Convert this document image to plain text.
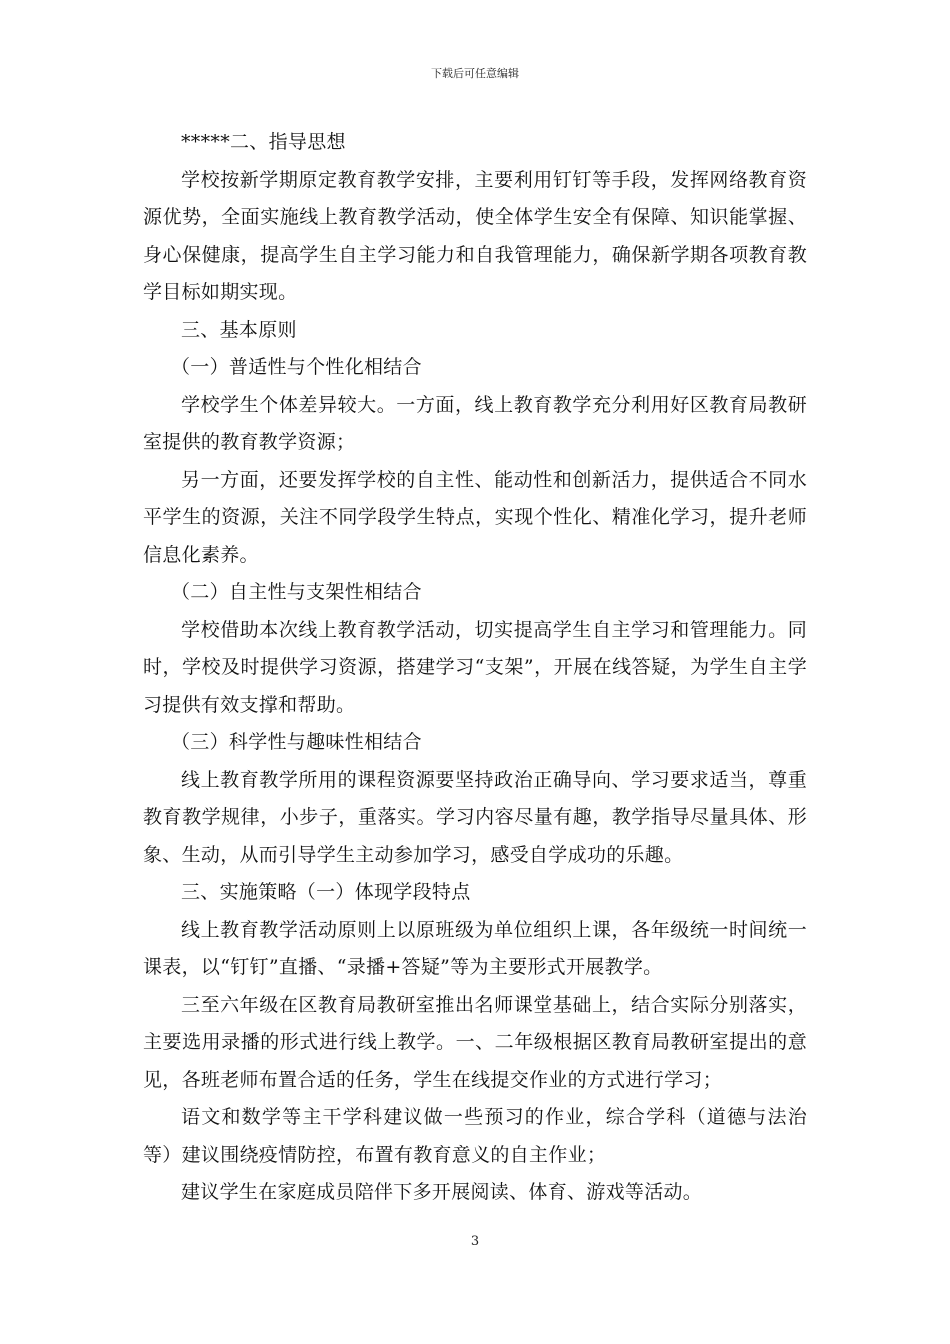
下载后可任意编辑

*****二、指导思想

学校按新学期原定教育教学安排，主要利用钉钉等手段，发挥网络教育资源优势，全面实施线上教育教学活动，使全体学生安全有保障、知识能掌握、身心保健康，提高学生自主学习能力和自我管理能力，确保新学期各项教育教学目标如期实现。

三、基本原则

（一）普适性与个性化相结合

学校学生个体差异较大。一方面，线上教育教学充分利用好区教育局教研室提供的教育教学资源；

另一方面，还要发挥学校的自主性、能动性和创新活力，提供适合不同水平学生的资源，关注不同学段学生特点，实现个性化、精准化学习，提升老师信息化素养。

（二）自主性与支架性相结合

学校借助本次线上教育教学活动，切实提高学生自主学习和管理能力。同时，学校及时提供学习资源，搭建学习“支架”，开展在线答疑，为学生自主学习提供有效支撑和帮助。

（三）科学性与趣味性相结合

线上教育教学所用的课程资源要坚持政治正确导向、学习要求适当，尊重教育教学规律，小步子，重落实。学习内容尽量有趣，教学指导尽量具体、形象、生动，从而引导学生主动参加学习，感受自学成功的乐趣。

三、实施策略（一）体现学段特点

线上教育教学活动原则上以原班级为单位组织上课，各年级统一时间统一课表，以“钉钉”直播、“录播+答疑”等为主要形式开展教学。

三至六年级在区教育局教研室推出名师课堂基础上，结合实际分别落实，主要选用录播的形式进行线上教学。一、二年级根据区教育局教研室提出的意见，各班老师布置合适的任务，学生在线提交作业的方式进行学习；

语文和数学等主干学科建议做一些预习的作业，综合学科（道德与法治等）建议围绕疫情防控，布置有教育意义的自主作业；

建议学生在家庭成员陪伴下多开展阅读、体育、游戏等活动。

3
